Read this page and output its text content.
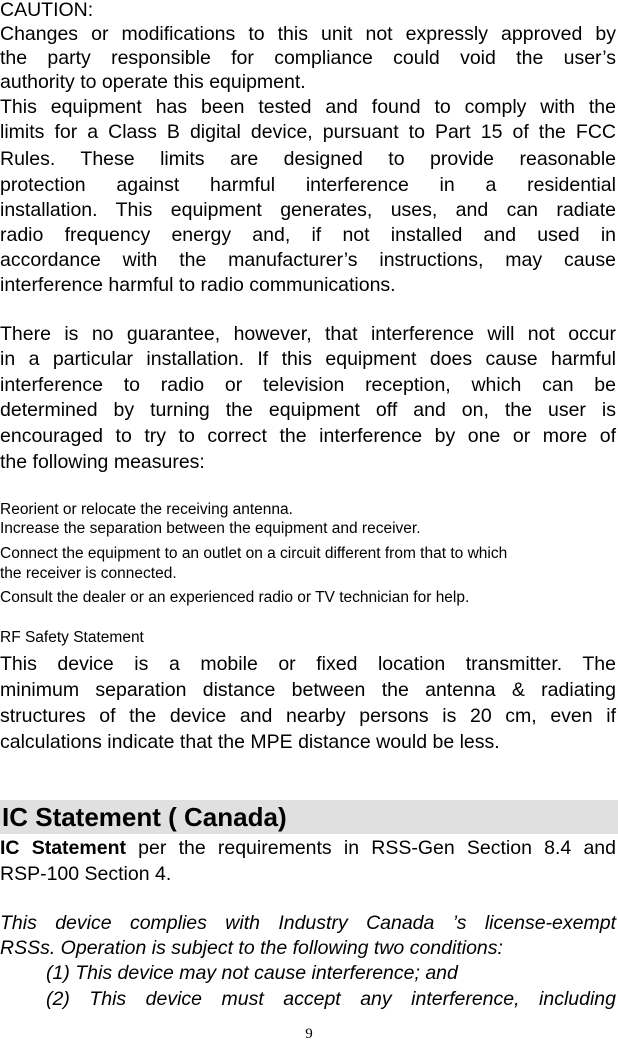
CAUTION:
Changes or modifications to this unit not expressly approved by
the party responsible for compliance could void the user’s
authority to operate this equipment.
This equipment has been tested and found to comply with the
limits for a Class B digital device, pursuant to Part 15 of the FCC
Rules. These limits are designed to provide reasonable
protection against harmful interference in a residential
installation. This equipment generates, uses, and can radiate
radio frequency energy and, if not installed and used in
accordance with the manufacturer’s instructions, may cause
interference harmful to radio communications.
There is no guarantee, however, that interference will not occur
in a particular installation. If this equipment does cause harmful
interference to radio or television reception, which can be
determined by turning the equipment off and on, the user is
encouraged to try to correct the interference by one or more of
the following measures:
Reorient or relocate the receiving antenna.
Increase the separation between the equipment and receiver.
Connect the equipment to an outlet on a circuit different from that to which
the receiver is connected.
Consult the dealer or an experienced radio or TV technician for help.
RF Safety Statement
This device is a mobile or fixed location transmitter. The
minimum separation distance between the antenna & radiating
structures of the device and nearby persons is 20 cm, even if
calculations indicate that the MPE distance would be less.
IC Statement ( Canada)
IC Statement per the requirements in RSS-Gen Section 8.4 and
RSP-100 Section 4.
This device complies with Industry Canada ’s license-exempt
RSSs. Operation is subject to the following two conditions:
(1) This device may not cause interference; and
(2) This device must accept any interference, including
9
